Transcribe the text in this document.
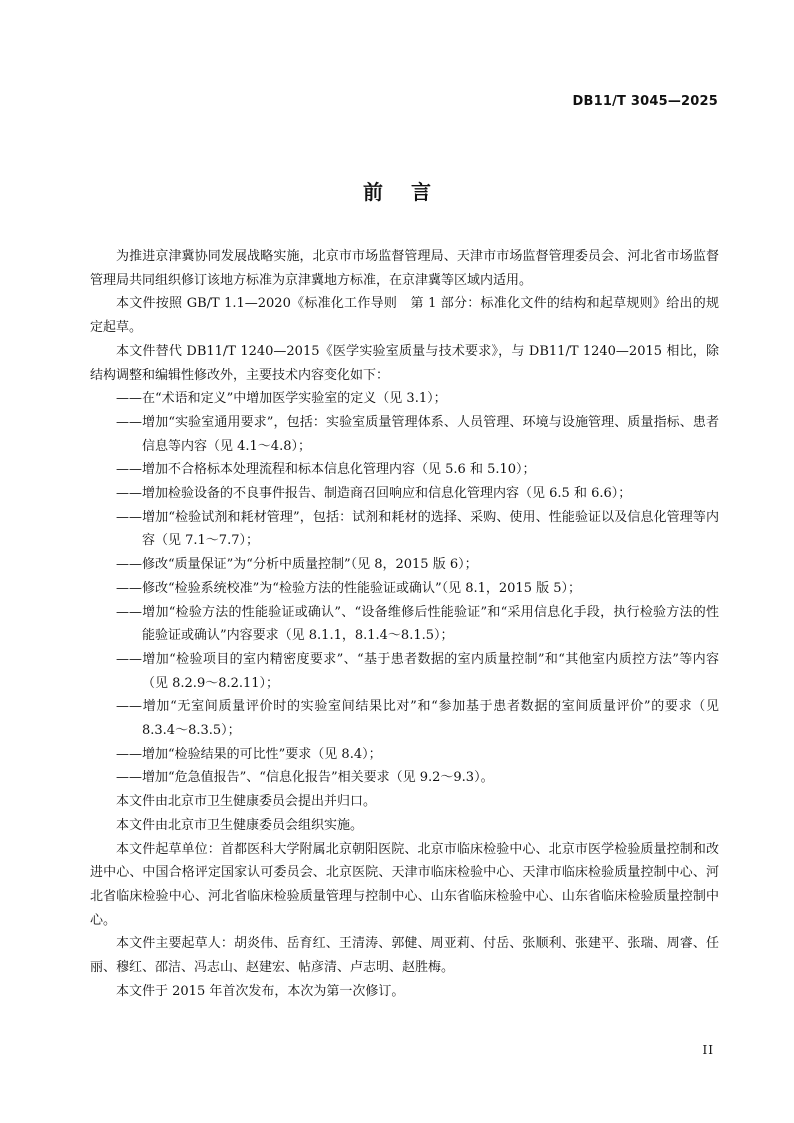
DB11/T 3045—2025
前言

为推进京津冀协同发展战略实施，北京市市场监督管理局、天津市市场监督管理委员会、河北省市场监督管理局共同组织修订该地方标准为京津冀地方标准，在京津冀等区域内适用。

本文件按照 GB/T 1.1—2020《标准化工作导则　第 1 部分：标准化文件的结构和起草规则》给出的规定起草。

本文件替代 DB11/T 1240—2015《医学实验室质量与技术要求》，与 DB11/T 1240—2015 相比，除结构调整和编辑性修改外，主要技术内容变化如下：

——在“术语和定义”中增加医学实验室的定义（见 3.1）；
——增加“实验室通用要求”，包括：实验室质量管理体系、人员管理、环境与设施管理、质量指标、患者信息等内容（见 4.1～4.8）；
——增加不合格标本处理流程和标本信息化管理内容（见 5.6 和 5.10）；
——增加检验设备的不良事件报告、制造商召回响应和信息化管理内容（见 6.5 和 6.6）；
——增加“检验试剂和耗材管理”，包括：试剂和耗材的选择、采购、使用、性能验证以及信息化管理等内容（见 7.1～7.7）；
——修改“质量保证”为“分析中质量控制”（见 8，2015 版 6）；
——修改“检验系统校准”为“检验方法的性能验证或确认”（见 8.1，2015 版 5）；
——增加“检验方法的性能验证或确认”、“设备维修后性能验证”和“采用信息化手段，执行检验方法的性能验证或确认”内容要求（见 8.1.1，8.1.4～8.1.5）；
——增加“检验项目的室内精密度要求”、“基于患者数据的室内质量控制”和“其他室内质控方法”等内容（见 8.2.9～8.2.11）；
——增加“无室间质量评价时的实验室间结果比对”和“参加基于患者数据的室间质量评价”的要求（见 8.3.4～8.3.5）；
——增加“检验结果的可比性”要求（见 8.4）；
——增加“危急值报告”、“信息化报告”相关要求（见 9.2～9.3）。

本文件由北京市卫生健康委员会提出并归口。

本文件由北京市卫生健康委员会组织实施。

本文件起草单位：首都医科大学附属北京朝阳医院、北京市临床检验中心、北京市医学检验质量控制和改进中心、中国合格评定国家认可委员会、北京医院、天津市临床检验中心、天津市临床检验质量控制中心、河北省临床检验中心、河北省临床检验质量管理与控制中心、山东省临床检验中心、山东省临床检验质量控制中心。

本文件主要起草人：胡炎伟、岳育红、王清涛、郭健、周亚莉、付岳、张顺利、张建平、张瑞、周睿、任丽、穆红、邵洁、冯志山、赵建宏、帖彦清、卢志明、赵胜梅。

本文件于 2015 年首次发布，本次为第一次修订。

II
